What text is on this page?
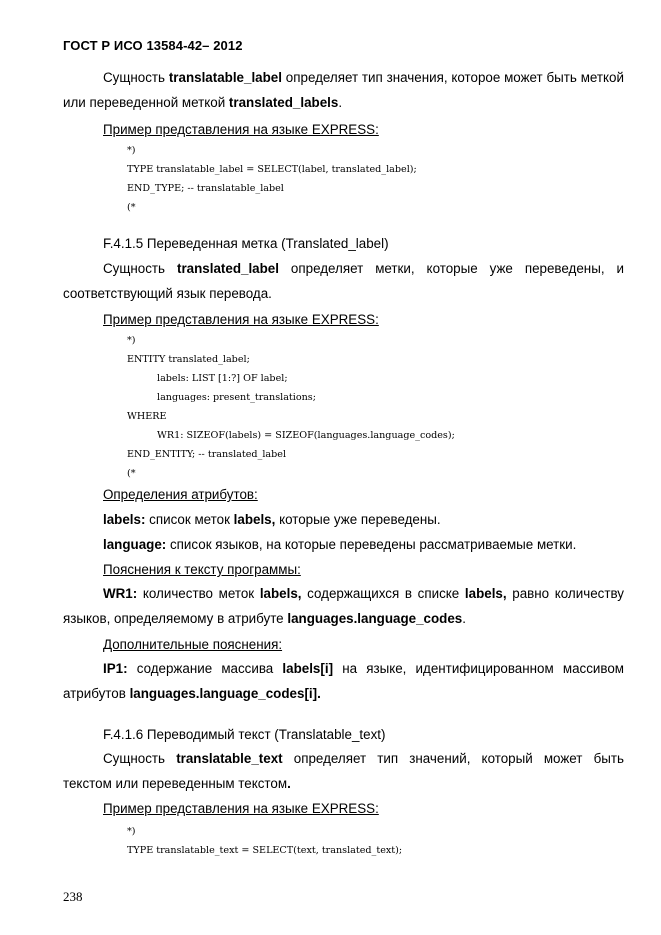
ГОСТ Р ИСО 13584-42– 2012

Сущность translatable_label определяет тип значения, которое может быть меткой или переведенной меткой translated_labels.

Пример представления на языке EXPRESS:

*)
TYPE translatable_label = SELECT(label, translated_label);
END_TYPE; -- translatable_label
(*

F.4.1.5 Переведенная метка (Translated_label)

Сущность translated_label определяет метки, которые уже переведены, и соответствующий язык перевода.

Пример представления на языке EXPRESS:

*)
ENTITY translated_label;
labels: LIST [1:?] OF label;
languages: present_translations;
WHERE
WR1: SIZEOF(labels) = SIZEOF(languages.language_codes);
END_ENTITY; -- translated_label
(*

Определения атрибутов:

labels: список меток labels, которые уже переведены.

language: список языков, на которые переведены рассматриваемые метки.

Пояснения к тексту программы:

WR1: количество меток labels, содержащихся в списке labels, равно количеству языков, определяемому в атрибуте languages.language_codes.

Дополнительные пояснения:

IP1: содержание массива labels[i] на языке, идентифицированном массивом атрибутов languages.language_codes[i].

F.4.1.6 Переводимый текст (Translatable_text)

Сущность translatable_text определяет тип значений, который может быть текстом или переведенным текстом.

Пример представления на языке EXPRESS:

*)
TYPE translatable_text = SELECT(text, translated_text);
238
